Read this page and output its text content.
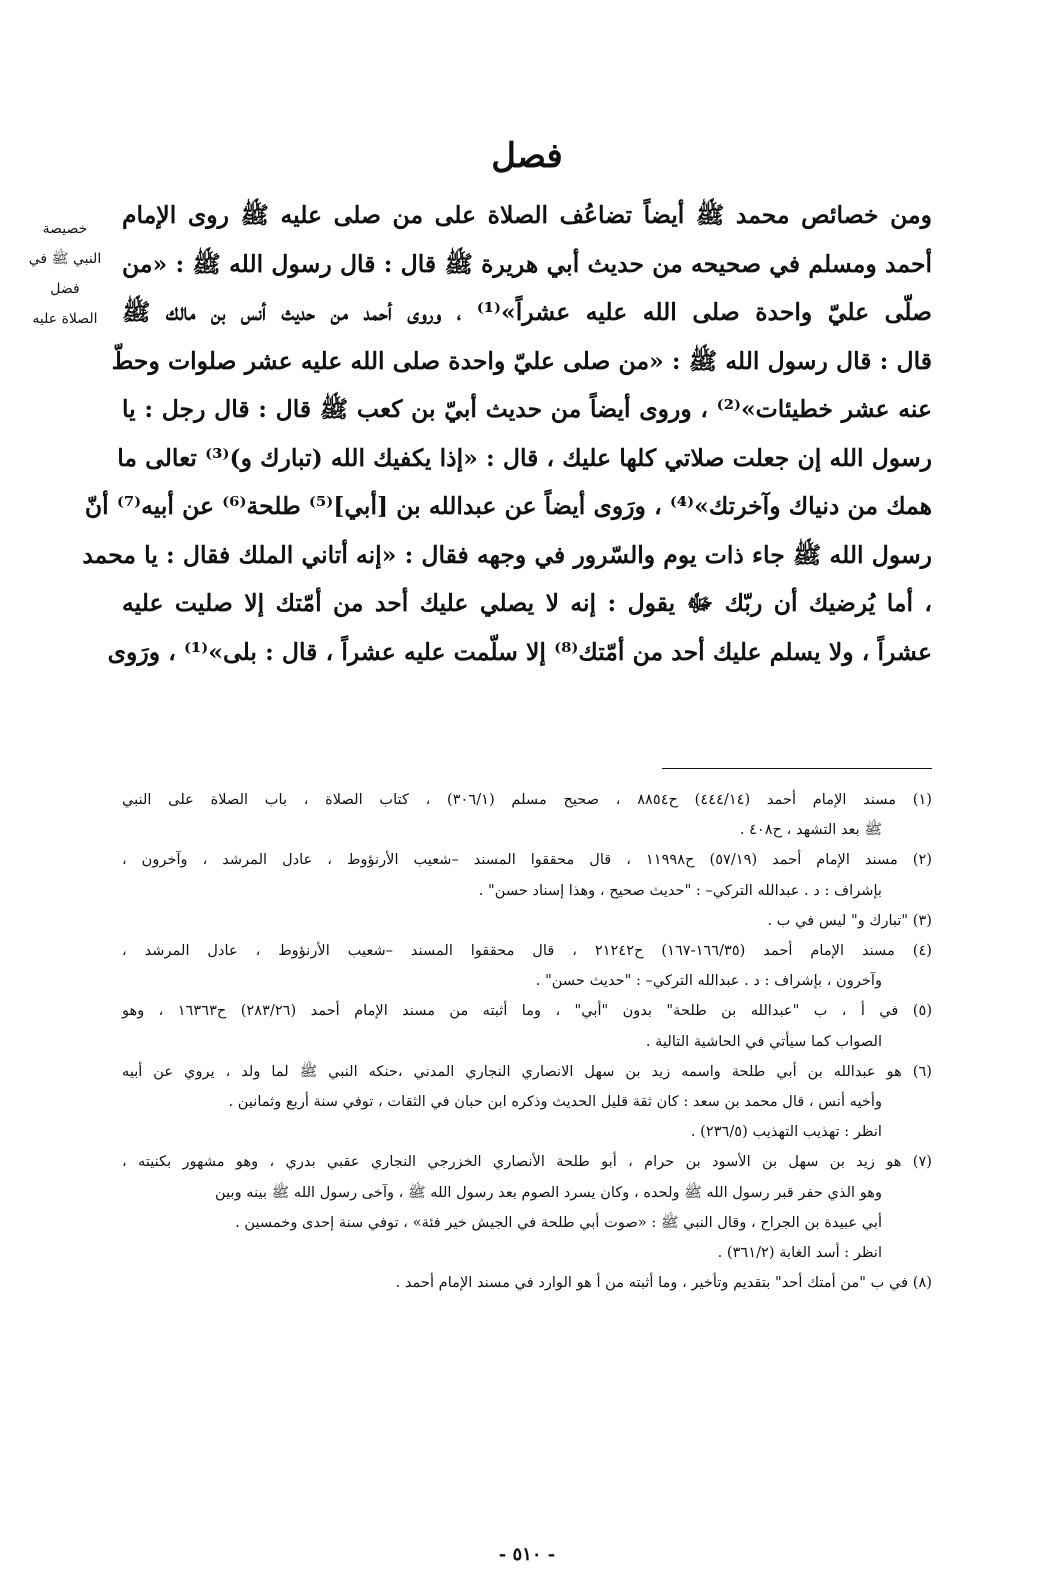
فصل
خصيصة
النبي ﷺ في
فضل
الصلاة عليه
ومن خصائص محمد ﷺ أيضاً تضاعُف الصلاة على من صلى عليه ﷺ روى الإمام
أحمد ومسلم في صحيحه من حديث أبي هريرة ﷺ قال : قال رسول الله ﷺ : «من
صلّى عليّ واحدة صلى الله عليه عشراً»⁽¹⁾ ، وروى أحمد من حديث أنس بن مالك ﷺ
قال : قال رسول الله ﷺ : «من صلى عليّ واحدة صلى الله عليه عشر صلوات وحطّ
عنه عشر خطيئات»⁽²⁾ ، وروى أيضاً من حديث أبيّ بن كعب ﷺ قال : قال رجل : يا
رسول الله إن جعلت صلاتي كلها عليك ، قال : «إذا يكفيك الله (تبارك و)⁽³⁾ تعالى ما
همك من دنياك وآخرتك»⁽⁴⁾ ، ورَوى أيضاً عن عبدالله بن [أبي]⁽⁵⁾ طلحة⁽⁶⁾ عن أبيه⁽⁷⁾ أنّ
رسول الله ﷺ جاء ذات يوم والسّرور في وجهه فقال : «إنه أتاني الملك فقال : يا محمد
، أما يُرضيك أن ربّك ﷻ يقول : إنه لا يصلي عليك أحد من أمّتك إلا صليت عليه
عشراً ، ولا يسلم عليك أحد من أمّتك⁽⁸⁾ إلا سلّمت عليه عشراً ، قال : بلى»⁽¹⁾ ، ورَوى
(١) مسند الإمام أحمد (٤٤٤/١٤) ح٨٨٥٤ ، صحيح مسلم (٣٠٦/١) ، كتاب الصلاة ، باب الصلاة على النبي
ﷺ بعد التشهد ، ح٤٠٨ .
(٢) مسند الإمام أحمد (٥٧/١٩) ح١١٩٩٨ ، قال محققوا المسند –شعيب الأرنؤوط ، عادل المرشد ، وآخرون ،
بإشراف : د . عبدالله التركي– : "حديث صحيح ، وهذا إسناد حسن" .
(٣) "تبارك و" ليس في ب .
(٤) مسند الإمام أحمد (١٦٦/٣٥-١٦٧) ح٢١٢٤٢ ، قال محققوا المسند –شعيب الأرنؤوط ، عادل المرشد ،
وآخرون ، بإشراف : د . عبدالله التركي– : "حديث حسن" .
(٥) في أ ، ب "عبدالله بن طلحة" بدون "أبي" ، وما أثبته من مسند الإمام أحمد (٢٨٣/٢٦) ح١٦٣٦٣ ، وهو
الصواب كما سيأتي في الحاشية التالية .
(٦) هو عبدالله بن أبي طلحة واسمه زيد بن سهل الانصاري النجاري المدني ،حنكه النبي ﷺ لما ولد ، يروي عن أبيه
وأخيه أنس ، قال محمد بن سعد : كان ثقة قليل الحديث وذكره ابن حبان في الثقات ، توفي سنة أربع وثمانين .
انظر : تهذيب التهذيب (٢٣٦/٥) .
(٧) هو زيد بن سهل بن الأسود بن حرام ، أبو طلحة الأنصاري الخزرجي النجاري عقبي بدري ، وهو مشهور بكنيته ،
وهو الذي حفر قبر رسول الله ﷺ ولحده ، وكان يسرد الصوم بعد رسول الله ﷺ ، وآخى رسول الله ﷺ بينه وبين
أبي عبيدة بن الجراح ، وقال النبي ﷺ : «صوت أبي طلحة في الجيش خير فئة» ، توفي سنة إحدى وخمسين .
انظر : أسد الغابة (٣٦١/٢) .
(٨) في ب "من أمتك أحد" بتقديم وتأخير ، وما أثبته من أ هو الوارد في مسند الإمام أحمد .
- ٥١٠ -
